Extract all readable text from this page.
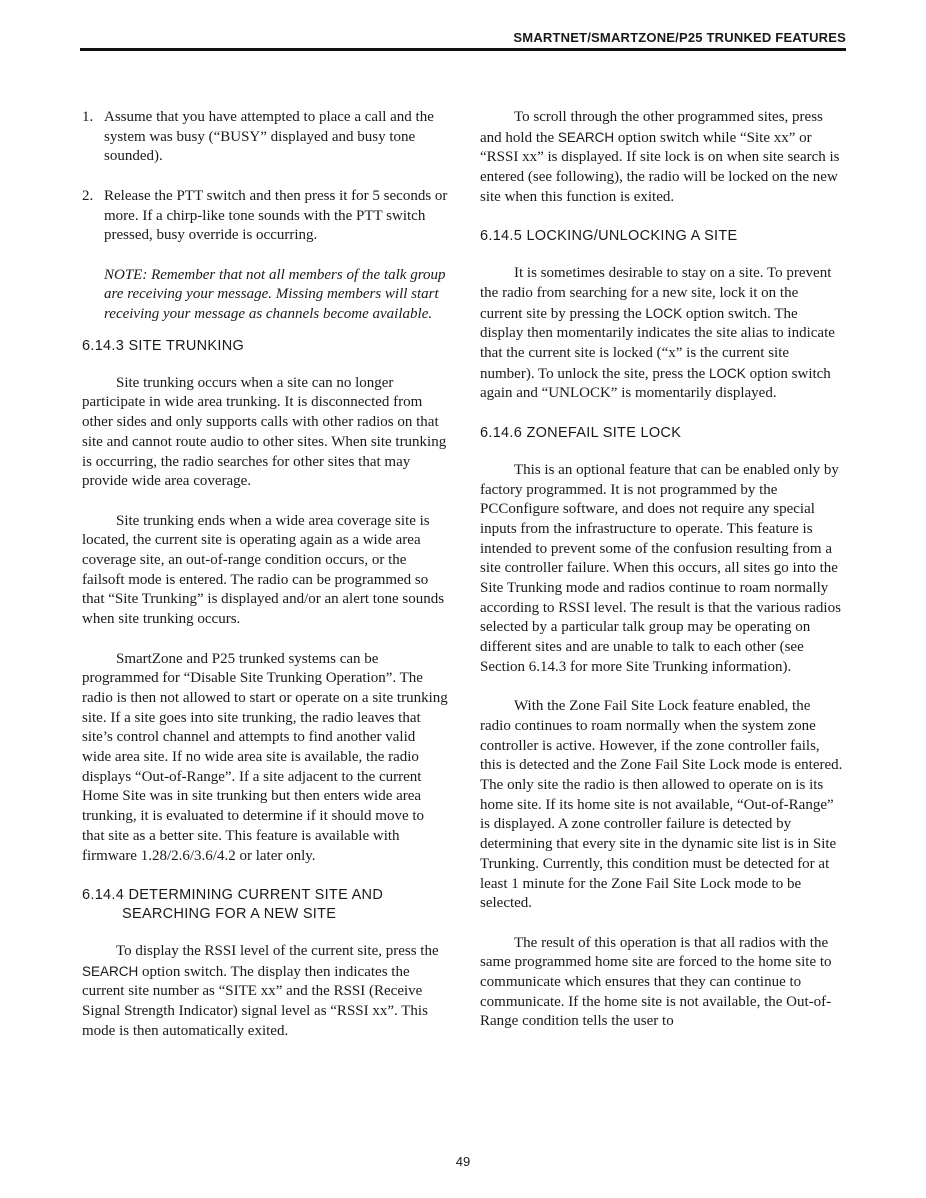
SMARTNET/SMARTZONE/P25 TRUNKED FEATURES
1. Assume that you have attempted to place a call and the system was busy (“BUSY” displayed and busy tone sounded).
2. Release the PTT switch and then press it for 5 seconds or more. If a chirp-like tone sounds with the PTT switch pressed, busy override is occurring.

NOTE: Remember that not all members of the talk group are receiving your message. Missing members will start receiving your message as channels become available.

6.14.3 SITE TRUNKING

Site trunking occurs when a site can no longer participate in wide area trunking. It is disconnected from other sides and only supports calls with other radios on that site and cannot route audio to other sites. When site trunking is occurring, the radio searches for other sites that may provide wide area coverage.

Site trunking ends when a wide area coverage site is located, the current site is operating again as a wide area coverage site, an out-of-range condition occurs, or the failsoft mode is entered. The radio can be programmed so that “Site Trunking” is displayed and/or an alert tone sounds when site trunking occurs.

SmartZone and P25 trunked systems can be programmed for “Disable Site Trunking Operation”. The radio is then not allowed to start or operate on a site trunking site. If a site goes into site trunking, the radio leaves that site’s control channel and attempts to find another valid wide area site. If no wide area site is available, the radio displays “Out-of-Range”. If a site adjacent to the current Home Site was in site trunking but then enters wide area trunking, it is evaluated to determine if it should move to that site as a better site. This feature is available with firmware 1.28/2.6/3.6/4.2 or later only.

6.14.4 DETERMINING CURRENT SITE AND
SEARCHING FOR A NEW SITE

To display the RSSI level of the current site, press the SEARCH option switch. The display then indicates the current site number as “SITE xx” and the RSSI (Receive Signal Strength Indicator) signal level as “RSSI xx”. This mode is then automatically exited.

To scroll through the other programmed sites, press and hold the SEARCH option switch while “Site xx” or “RSSI xx” is displayed. If site lock is on when site search is entered (see following), the radio will be locked on the new site when this function is exited.

6.14.5 LOCKING/UNLOCKING A SITE

It is sometimes desirable to stay on a site. To prevent the radio from searching for a new site, lock it on the current site by pressing the LOCK option switch. The display then momentarily indicates the site alias to indicate that the current site is locked (“x” is the current site number). To unlock the site, press the LOCK option switch again and “UNLOCK” is momentarily displayed.

6.14.6 ZONEFAIL SITE LOCK

This is an optional feature that can be enabled only by factory programmed. It is not programmed by the PCConfigure software, and does not require any special inputs from the infrastructure to operate. This feature is intended to prevent some of the confusion resulting from a site controller failure. When this occurs, all sites go into the Site Trunking mode and radios continue to roam normally according to RSSI level. The result is that the various radios selected by a particular talk group may be operating on different sites and are unable to talk to each other (see Section 6.14.3 for more Site Trunking information).

With the Zone Fail Site Lock feature enabled, the radio continues to roam normally when the system zone controller is active. However, if the zone controller fails, this is detected and the Zone Fail Site Lock mode is entered. The only site the radio is then allowed to operate on is its home site. If its home site is not available, “Out-of-Range” is displayed. A zone controller failure is detected by determining that every site in the dynamic site list is in Site Trunking. Currently, this condition must be detected for at least 1 minute for the Zone Fail Site Lock mode to be selected.

The result of this operation is that all radios with the same programmed home site are forced to the home site to communicate which ensures that they can continue to communicate. If the home site is not available, the Out-of-Range condition tells the user to

49
